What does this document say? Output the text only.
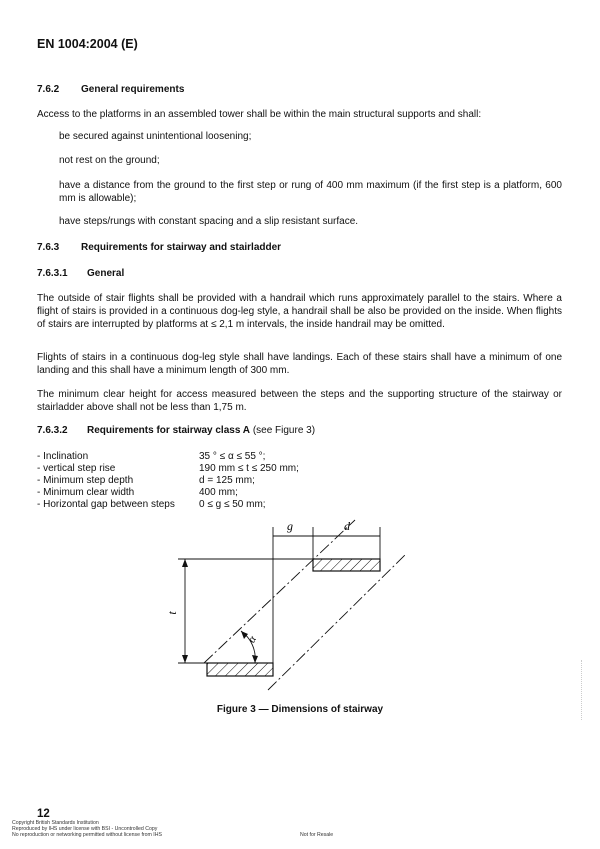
EN 1004:2004 (E)
7.6.2 General requirements
Access to the platforms in an assembled tower shall be within the main structural supports and shall:
be secured against unintentional loosening;
not rest on the ground;
have a distance from the ground to the first step or rung of 400 mm maximum (if the first step is a platform, 600 mm is allowable);
have steps/rungs with constant spacing and a slip resistant surface.
7.6.3 Requirements for stairway and stairladder
7.6.3.1 General
The outside of stair flights shall be provided with a handrail which runs approximately parallel to the stairs. Where a flight of stairs is provided in a continuous dog-leg style, a handrail shall be also be provided on the inside. When flights of stairs are interrupted by platforms at ≤ 2,1 m intervals, the inside handrail may be omitted.
Flights of stairs in a continuous dog-leg style shall have landings. Each of these stairs shall have a minimum of one landing and this shall have a minimum length of 300 mm.
The minimum clear height for access measured between the steps and the supporting structure of the stairway or stairladder above shall not be less than 1,75 m.
7.6.3.2 Requirements for stairway class A (see Figure 3)
- Inclination	35 ° ≤ α ≤ 55 °;
- vertical step rise	190 mm ≤ t ≤ 250 mm;
- Minimum step depth	d = 125 mm;
- Minimum clear width	400 mm;
- Horizontal gap between steps 0 ≤ g ≤ 50 mm;
g	d
t
α
Figure 3 — Dimensions of stairway
12
Copyright British Standards Institution
Reproduced by IHS under license with BSI - Uncontrolled Copy
No reproduction or networking permitted without license from IHS	Not for Resale
